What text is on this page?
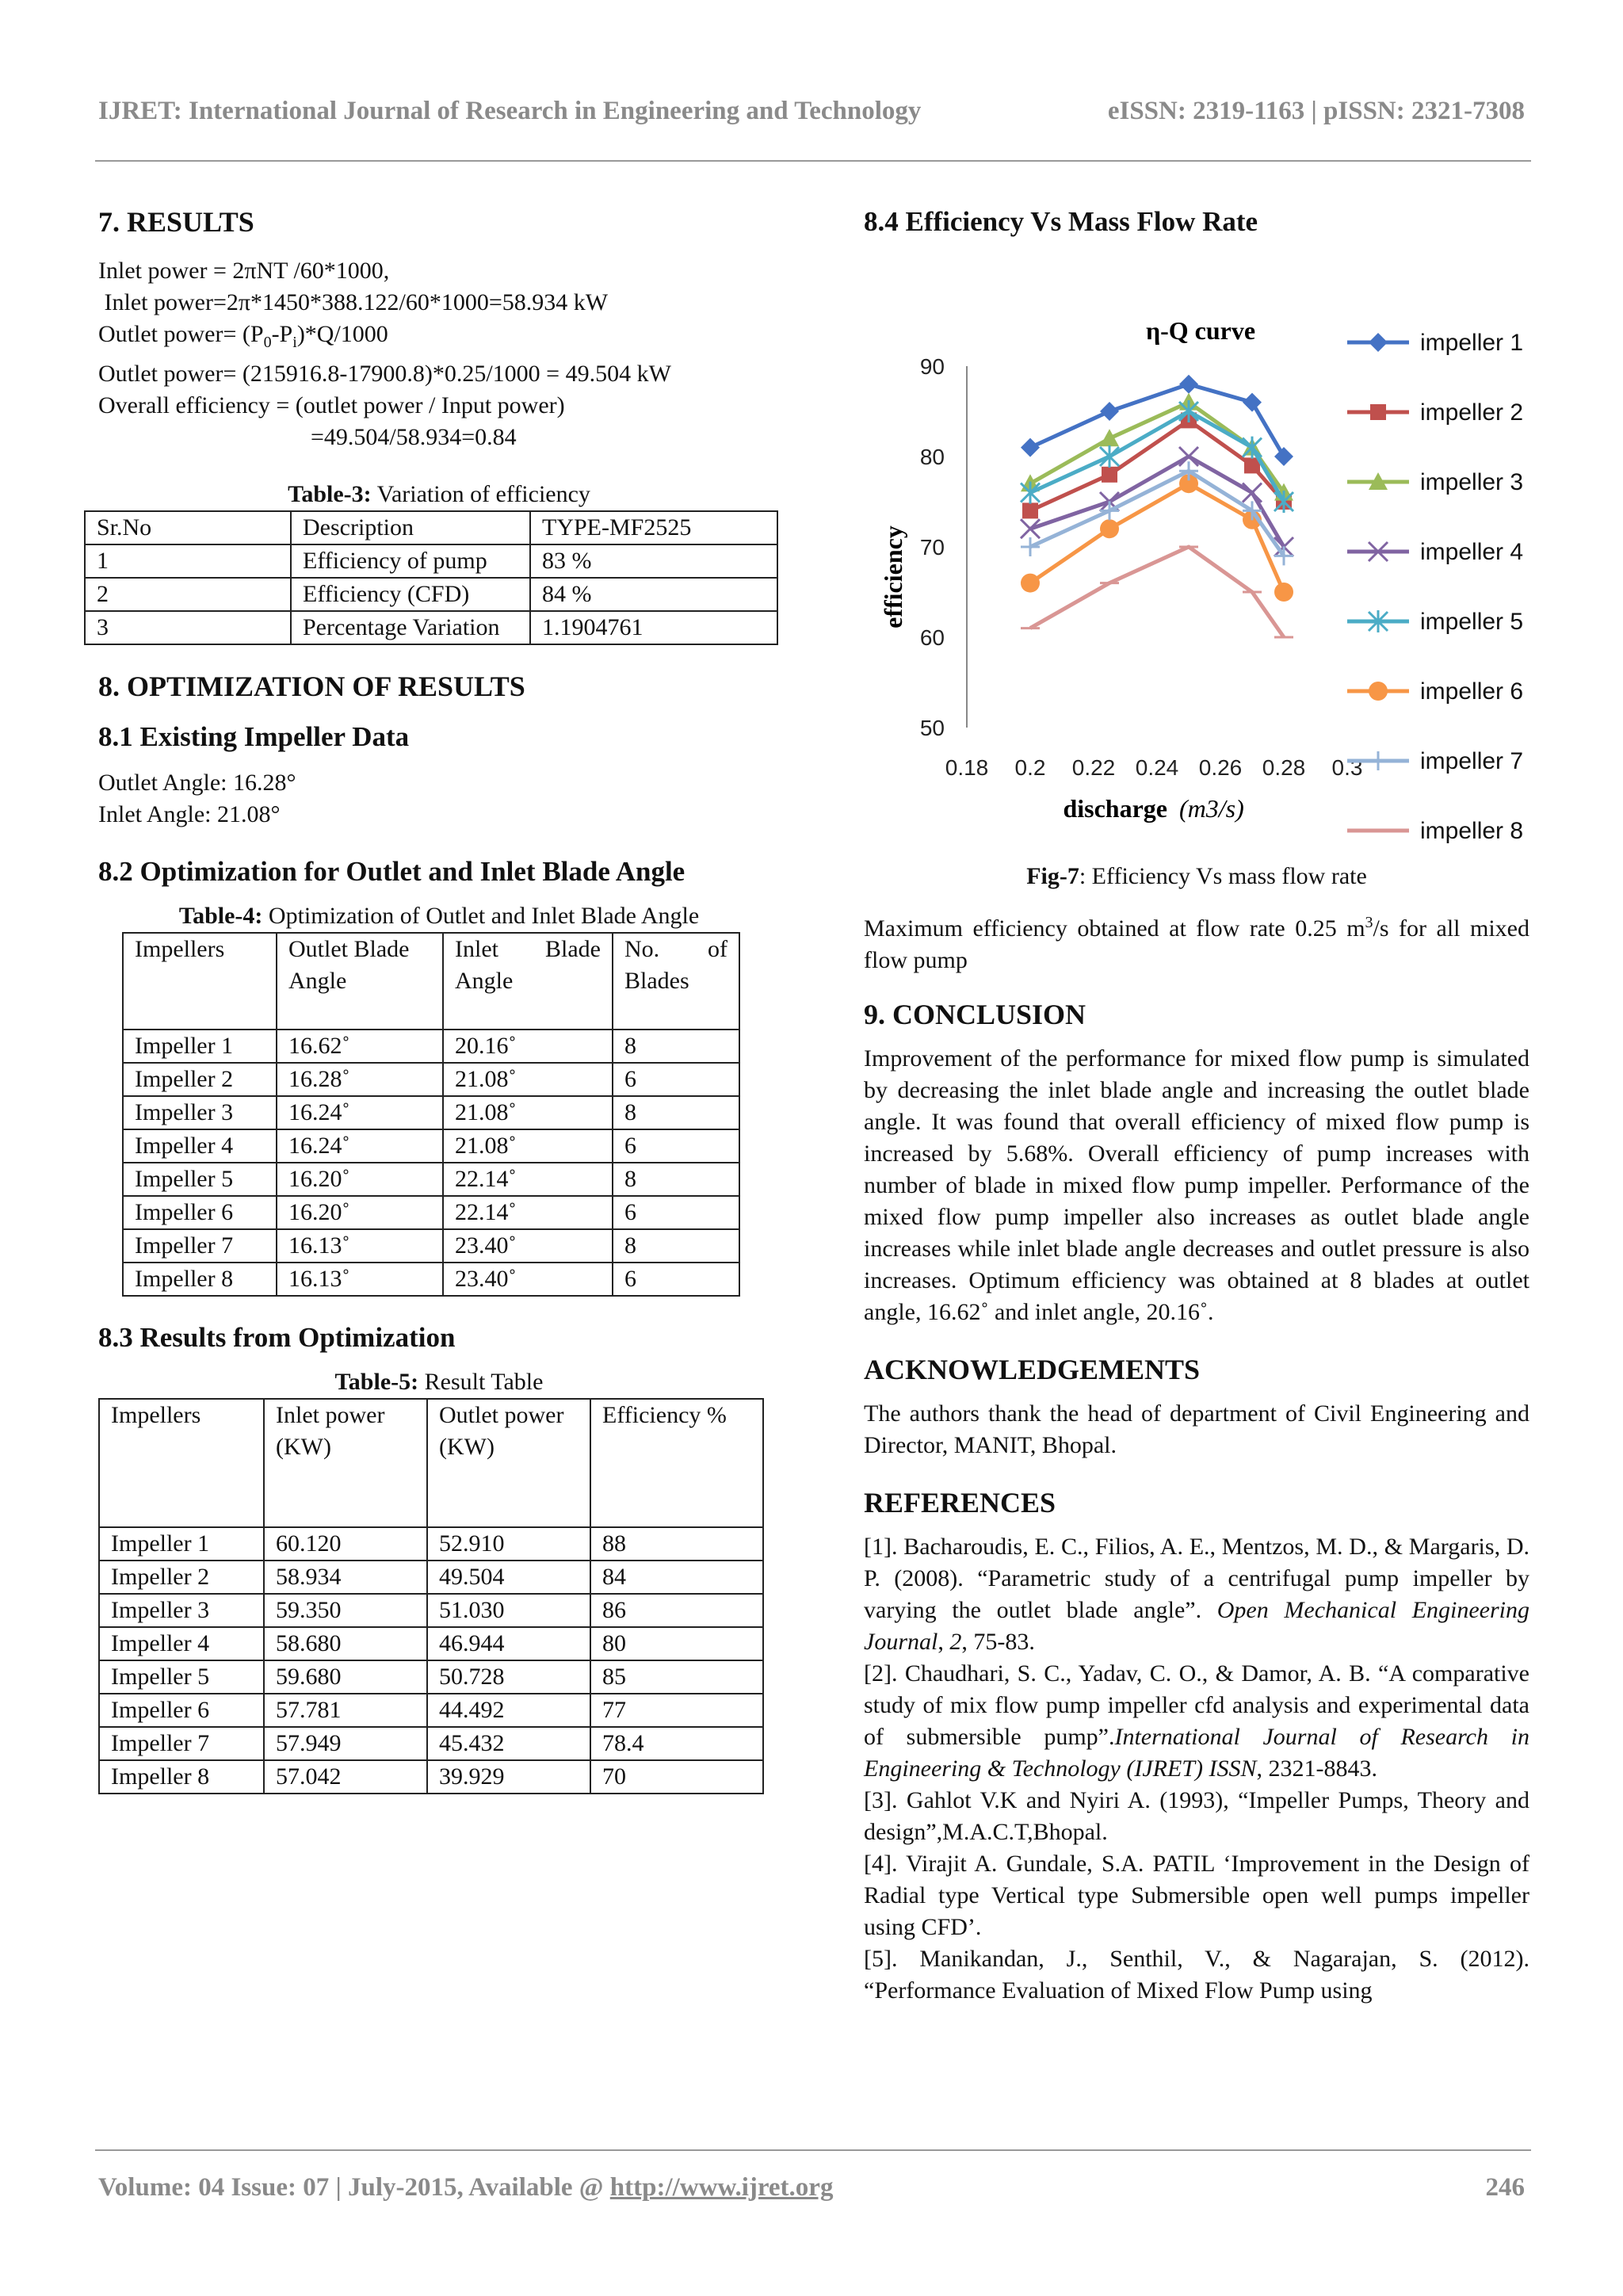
IJRET: International Journal of Research in Engineering and Technology	eISSN: 2319-1163 | pISSN: 2321-7308
7. RESULTS

Inlet power = 2πNT /60*1000,

Inlet power=2π*1450*388.122/60*1000=58.934 kW

Outlet power= $(P_0-P_i)*Q/1000$

Outlet power= (215916.8-17900.8)*0.25/1000 = 49.504 kW

Overall efficiency = (outlet power / Input power)

=49.504/58.934=0.84

Table-3: Variation of efficiency
Sr.No	Description	TYPE-MF2525
1	Efficiency of pump	83 %
2	Efficiency (CFD)	84 %
3	Percentage Variation	1.1904761
8. OPTIMIZATION OF RESULTS
8.1 Existing Impeller Data

Outlet Angle: 16.28°

Inlet Angle: 21.08°

8.2 Optimization for Outlet and Inlet Blade Angle
Table-4: Optimization of Outlet and Inlet Blade Angle
Impellers	Outlet Blade Angle	Inlet Blade Angle	No. of Blades
Impeller 1	16.62˚	20.16˚	8
Impeller 2	16.28˚	21.08˚	6
Impeller 3	16.24˚	21.08˚	8
Impeller 4	16.24˚	21.08˚	6
Impeller 5	16.20˚	22.14˚	8
Impeller 6	16.20˚	22.14˚	6
Impeller 7	16.13˚	23.40˚	8
Impeller 8	16.13˚	23.40˚	6
8.3 Results from Optimization
Table-5: Result Table
Impellers	Inlet power (KW)	Outlet power (KW)	Efficiency %
Impeller 1	60.120	52.910	88
Impeller 2	58.934	49.504	84
Impeller 3	59.350	51.030	86
Impeller 4	58.680	46.944	80
Impeller 5	59.680	50.728	85
Impeller 6	57.781	44.492	77
Impeller 7	57.949	45.432	78.4
Impeller 8	57.042	39.929	70
8.4 Efficiency Vs Mass Flow Rate
η-Q curve
efficiency
discharge (m3/s)
50
60
70
80
90
0.18 0.2 0.22 0.24 0.26 0.28 0.3
impeller 1
impeller 2
impeller 3
impeller 4
impeller 5
impeller 6
impeller 7
impeller 8
Fig-7: Efficiency Vs mass flow rate

Maximum efficiency obtained at flow rate 0.25 $m^3/s$ for all mixed flow pump

9. CONCLUSION

Improvement of the performance for mixed flow pump is simulated by decreasing the inlet blade angle and increasing the outlet blade angle. It was found that overall efficiency of mixed flow pump is increased by 5.68%. Overall efficiency of pump increases with number of blade in mixed flow pump impeller. Performance of the mixed flow pump impeller also increases as outlet blade angle increases while inlet blade angle decreases and outlet pressure is also increases. Optimum efficiency was obtained at 8 blades at outlet angle, 16.62˚ and inlet angle, 20.16˚.

ACKNOWLEDGEMENTS

The authors thank the head of department of Civil Engineering and Director, MANIT, Bhopal.

REFERENCES

[1]. Bacharoudis, E. C., Filios, A. E., Mentzos, M. D., & Margaris, D. P. (2008). “Parametric study of a centrifugal pump impeller by varying the outlet blade angle”. Open Mechanical Engineering Journal, 2, 75-83.

[2]. Chaudhari, S. C., Yadav, C. O., & Damor, A. B. “A comparative study of mix flow pump impeller cfd analysis and experimental data of submersible pump”.International Journal of Research in Engineering & Technology (IJRET) ISSN, 2321-8843.

[3]. Gahlot V.K and Nyiri A. (1993), “Impeller Pumps, Theory and design”,M.A.C.T,Bhopal.

[4]. Virajit A. Gundale, S.A. PATIL ‘Improvement in the Design of Radial type Vertical type Submersible open well pumps impeller using CFD’.

[5]. Manikandan, J., Senthil, V., & Nagarajan, S. (2012). “Performance Evaluation of Mixed Flow Pump using

Volume: 04 Issue: 07 | July-2015, Available @ http://www.ijret.org	246
